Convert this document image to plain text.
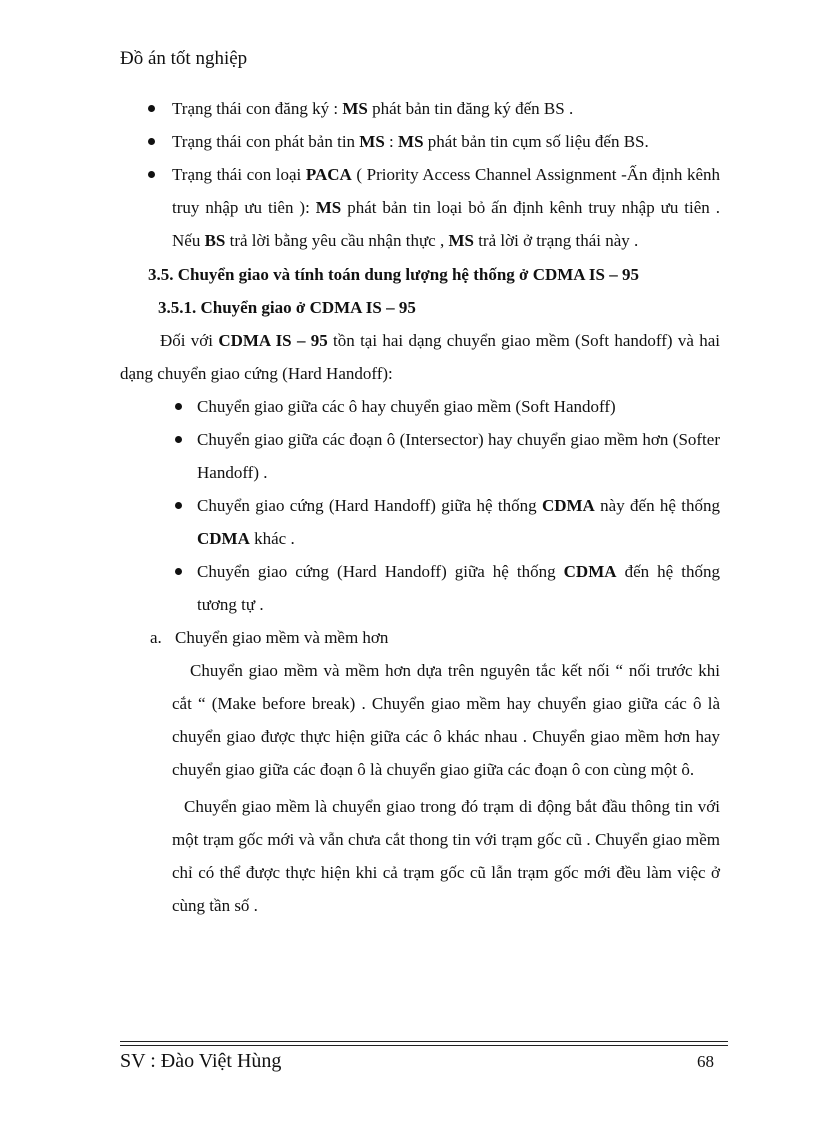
Đồ án tốt nghiệp
Trạng thái con đăng ký : MS phát bản tin đăng ký đến BS .
Trạng thái con phát bản tin MS : MS phát bản tin cụm số liệu đến BS.
Trạng thái con loại PACA ( Priority Access Channel Assignment -Ấn định kênh truy nhập ưu tiên ): MS phát bản tin loại bỏ ấn định kênh truy nhập ưu tiên . Nếu BS trả lời bằng yêu cầu nhận thực , MS trả lời ở trạng thái này .
3.5. Chuyển giao và tính toán dung lượng hệ thống ở CDMA IS – 95
3.5.1. Chuyển giao ở CDMA IS – 95
Đối với CDMA IS – 95 tồn tại hai dạng chuyển giao mềm (Soft handoff) và hai dạng chuyển giao cứng (Hard Handoff):
Chuyển giao giữa các ô hay chuyển giao mềm (Soft Handoff)
Chuyển giao giữa các đoạn ô (Intersector) hay chuyển giao mềm hơn (Softer Handoff) .
Chuyển giao cứng (Hard Handoff) giữa hệ thống CDMA này đến hệ thống CDMA khác .
Chuyển giao cứng (Hard Handoff) giữa hệ thống CDMA đến hệ thống tương tự .
a. Chuyển giao mềm và mềm hơn
Chuyển giao mềm và mềm hơn dựa trên nguyên tắc kết nối “ nối trước khi cắt “ (Make before break) . Chuyển giao mềm hay chuyển giao giữa các ô là chuyển giao được thực hiện giữa các ô khác nhau . Chuyển giao mềm hơn hay chuyển giao giữa các đoạn ô là chuyển giao giữa các đoạn ô con cùng một ô.
Chuyển giao mềm là chuyển giao trong đó trạm di động bắt đầu thông tin với một trạm gốc mới và vẫn chưa cắt thong tin với trạm gốc cũ . Chuyển giao mềm chỉ có thể được thực hiện khi cả trạm gốc cũ lẫn trạm gốc mới đều làm việc ở cùng tần số .
SV : Đào Việt Hùng	68
